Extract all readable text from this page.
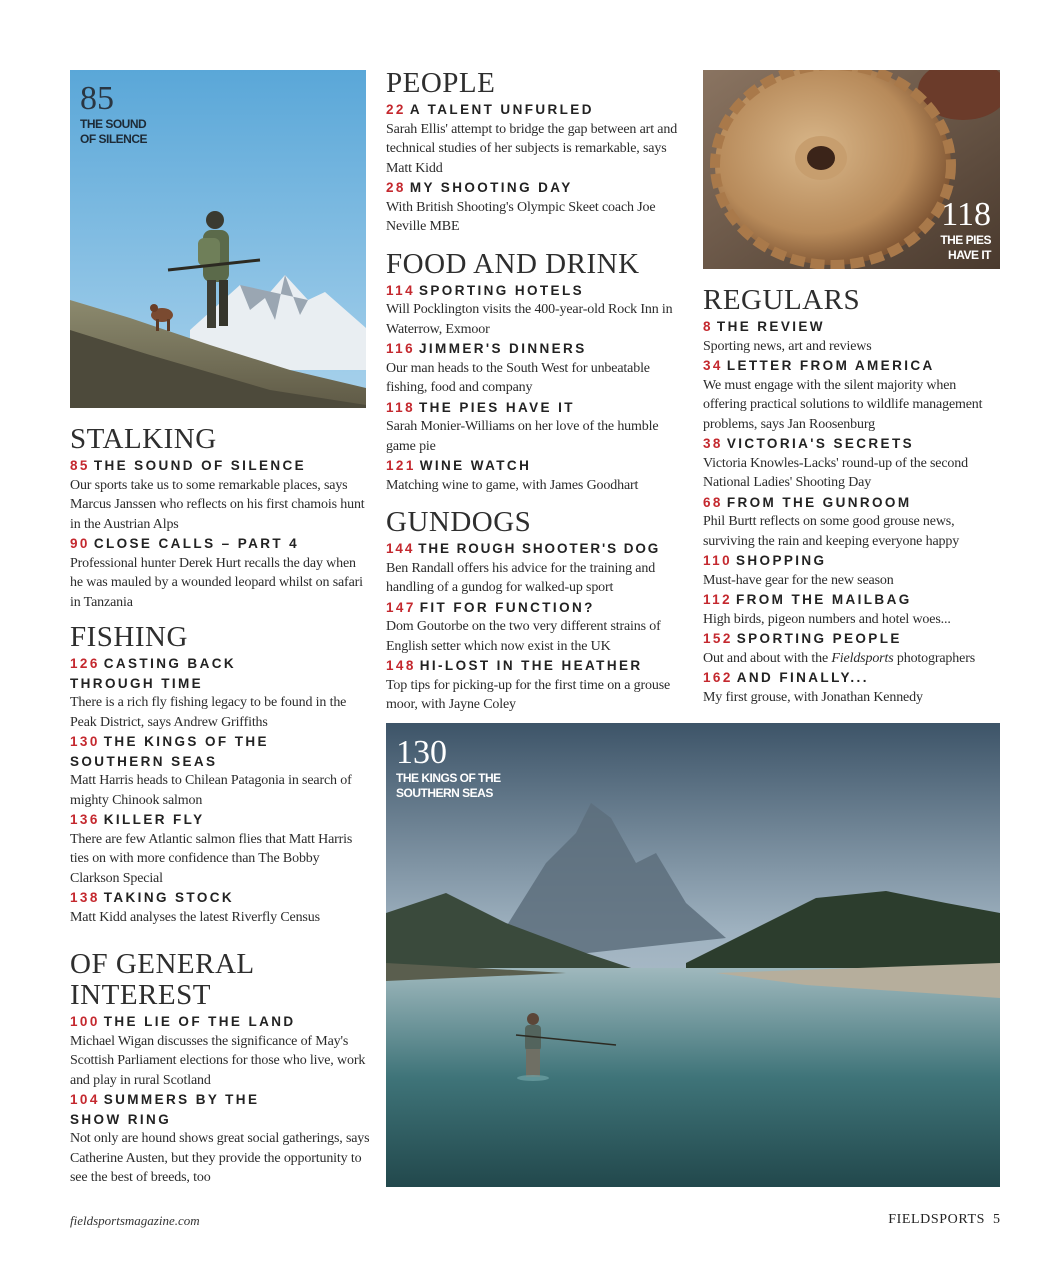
85
THE SOUND
OF SILENCE
118
THE PIES
HAVE IT
130
THE KINGS OF THE
SOUTHERN SEAS
STALKING
85 THE SOUND OF SILENCE
Our sports take us to some remarkable places, says Marcus Janssen who reflects on his first chamois hunt in the Austrian Alps
90 CLOSE CALLS – PART 4
Professional hunter Derek Hurt recalls the day when he was mauled by a wounded leopard whilst on safari in Tanzania
FISHING
126 CASTING BACK THROUGH TIME
There is a rich fly fishing legacy to be found in the Peak District, says Andrew Griffiths
130 THE KINGS OF THE SOUTHERN SEAS
Matt Harris heads to Chilean Patagonia in search of mighty Chinook salmon
136 KILLER FLY
There are few Atlantic salmon flies that Matt Harris ties on with more confidence than The Bobby Clarkson Special
138 TAKING STOCK
Matt Kidd analyses the latest Riverfly Census
OF GENERAL
INTEREST
100 THE LIE OF THE LAND
Michael Wigan discusses the significance of May's Scottish Parliament elections for those who live, work and play in rural Scotland
104 SUMMERS BY THE SHOW RING
Not only are hound shows great social gatherings, says Catherine Austen, but they provide the opportunity to see the best of breeds, too
PEOPLE
22 A TALENT UNFURLED
Sarah Ellis' attempt to bridge the gap between art and technical studies of her subjects is remarkable, says Matt Kidd
28 MY SHOOTING DAY
With British Shooting's Olympic Skeet coach Joe Neville MBE
FOOD AND DRINK
114 SPORTING HOTELS
Will Pocklington visits the 400-year-old Rock Inn in Waterrow, Exmoor
116 JIMMER'S DINNERS
Our man heads to the South West for unbeatable fishing, food and company
118 THE PIES HAVE IT
Sarah Monier-Williams on her love of the humble game pie
121 WINE WATCH
Matching wine to game, with James Goodhart
GUNDOGS
144 THE ROUGH SHOOTER'S DOG
Ben Randall offers his advice for the training and handling of a gundog for walked-up sport
147 FIT FOR FUNCTION?
Dom Goutorbe on the two very different strains of English setter which now exist in the UK
148 HI-LOST IN THE HEATHER
Top tips for picking-up for the first time on a grouse moor, with Jayne Coley
REGULARS
8 THE REVIEW
Sporting news, art and reviews
34 LETTER FROM AMERICA
We must engage with the silent majority when offering practical solutions to wildlife management problems, says Jan Roosenburg
38 VICTORIA'S SECRETS
Victoria Knowles-Lacks' round-up of the second National Ladies' Shooting Day
68 FROM THE GUNROOM
Phil Burtt reflects on some good grouse news, surviving the rain and keeping everyone happy
110 SHOPPING
Must-have gear for the new season
112 FROM THE MAILBAG
High birds, pigeon numbers and hotel woes...
152 SPORTING PEOPLE
Out and about with the Fieldsports photographers
162 AND FINALLY...
My first grouse, with Jonathan Kennedy
fieldsportsmagazine.com	FIELDSPORTS 5
